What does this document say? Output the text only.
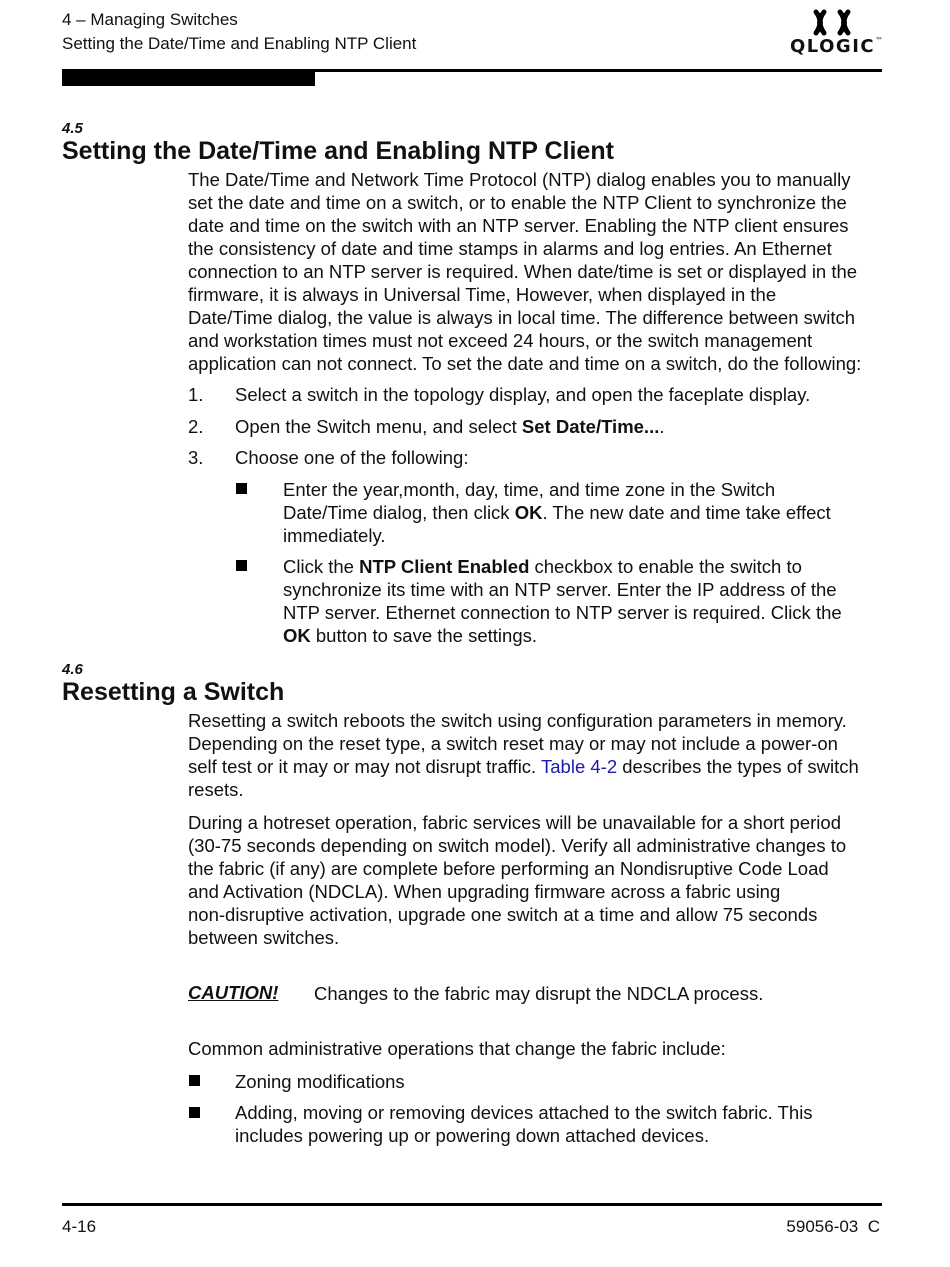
4 – Managing Switches
Setting the Date/Time and Enabling NTP Client	QLOGIC™
4.5
Setting the Date/Time and Enabling NTP Client
The Date/Time and Network Time Protocol (NTP) dialog enables you to manually
set the date and time on a switch, or to enable the NTP Client to synchronize the
date and time on the switch with an NTP server. Enabling the NTP client ensures
the consistency of date and time stamps in alarms and log entries. An Ethernet
connection to an NTP server is required. When date/time is set or displayed in the
firmware, it is always in Universal Time, However, when displayed in the
Date/Time dialog, the value is always in local time. The difference between switch
and workstation times must not exceed 24 hours, or the switch management
application can not connect. To set the date and time on a switch, do the following:
1. Select a switch in the topology display, and open the faceplate display.
2. Open the Switch menu, and select Set Date/Time....
3. Choose one of the following:
Enter the year,month, day, time, and time zone in the Switch
Date/Time dialog, then click OK. The new date and time take effect
immediately.
Click the NTP Client Enabled checkbox to enable the switch to
synchronize its time with an NTP server. Enter the IP address of the
NTP server. Ethernet connection to NTP server is required. Click the
OK button to save the settings.
4.6
Resetting a Switch
Resetting a switch reboots the switch using configuration parameters in memory.
Depending on the reset type, a switch reset may or may not include a power-on
self test or it may or may not disrupt traffic. Table 4-2 describes the types of switch
resets.
During a hotreset operation, fabric services will be unavailable for a short period
(30-75 seconds depending on switch model). Verify all administrative changes to
the fabric (if any) are complete before performing an Nondisruptive Code Load
and Activation (NDCLA). When upgrading firmware across a fabric using
non-disruptive activation, upgrade one switch at a time and allow 75 seconds
between switches.
CAUTION! Changes to the fabric may disrupt the NDCLA process.
Common administrative operations that change the fabric include:
Zoning modifications
Adding, moving or removing devices attached to the switch fabric. This
includes powering up or powering down attached devices.
4-16	59056-03  C
